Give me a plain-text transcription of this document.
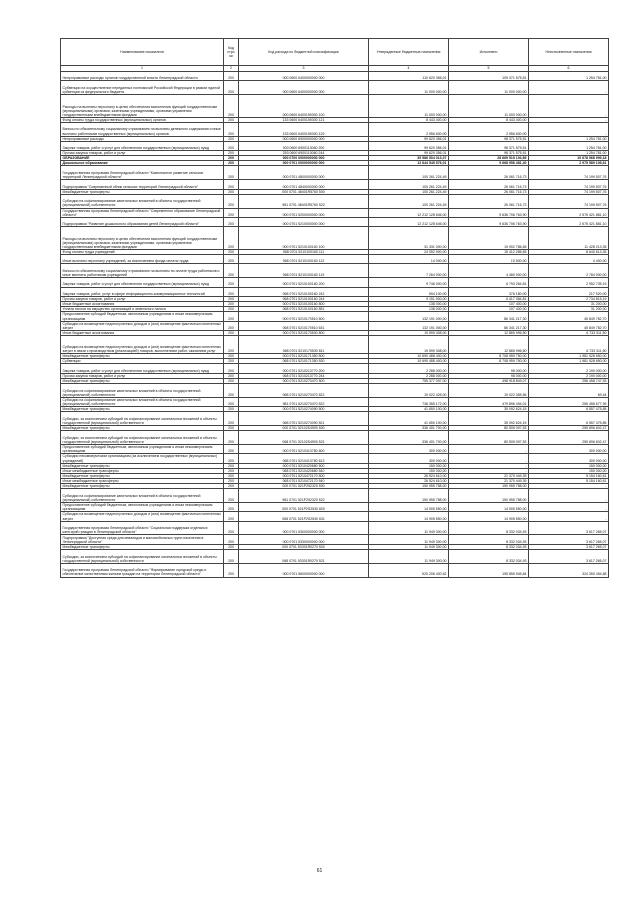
Наименование показателя	Код стро ки	Код расхода по бюджетной классификации	Утвержденные бюджетные назначения	Исполнено	Неисполненные назначения
1	2	3	4	5	6
Непрограммные расходы органов государственной власти Ленинградской области	200	000 0600 6400000000 000	110 620 356,01	109 371 575,51	1 254 781,00
Субвенции на осуществление переданных полномочий Российской Федерации в рамках единой субвенции из федерального бюджета	200	000 0600 6400000000 000	11 000 000,00	11 000 000,00	-
Расходы на выплаты персоналу в целях обеспечения выполнения функций государственными (муниципальными) органами, казенными учреждениями, органами управления государственными внебюджетными фондами	200	000 0600 6400159300 100	11 000 000,00	11 000 000,00	-
Фонд оплаты труда государственных (муниципальных) органов	200	133 0600 6400159300 121	8 443 400,00	8 443 400,00	-
Взносы по обязательному социальному страхованию на выплаты денежного содержания и иные выплаты работникам государственных (муниципальных) органов	200	133 0600 6400159300 129	2 556 600,00	2 556 600,00	-
Непрограммные расходы	200	000 0600 6900000000 000	99 620 356,01	98 371 575,51	1 254 781,00
Закупка товаров, работ и услуг для обеспечения государственных (муниципальных) нужд	200	000 0600 6900110060 200	99 620 356,01	98 371 575,51	1 254 781,00
Прочая закупка товаров, работ и услуг	200	253 0600 6900110060 244	99 620 356,01	98 371 575,51	1 254 781,00
ОБРАЗОВАНИЕ	200	000 0700 0000000000 000	39 586 504 013,07	28 669 515 193,89	10 678 968 999,18
Дошкольное образование	200	000 0701 0000000000 000	12 644 545 576,01	9 668 956 481,40	2 975 589 108,61
Государственная программа Ленинградской области "Комплексное развитие сельских территорий Ленинградской области"	200	000 0701 4800000000 000	100 261 224,49	26 061 716,73	74 199 507,76
Подпрограмма "Современный облик сельских территорий Ленинградской области"	200	000 0701 4840000000 000	100 261 224,49	26 061 716,73	74 199 507,76
Межбюджетные трансферты	200	000 0701 48401R5760 500	100 261 224,49	26 061 716,73	74 199 507,76
Субсидии на софинансирование капитальных вложений в объекты государственной (муниципальной) собственности	200	981 0701 48401R5760 522	100 261 224,49	26 061 716,73	74 199 507,76
Государственная программа Ленинградской области "Современное образование Ленинградской области"	200	000 0701 5200000000 000	12 212 128 646,00	9 636 706 763,90	2 575 421 881,10
Подпрограмма "Развитие дошкольного образования детей Ленинградской области"	200	000 0701 5210000000 000	12 212 128 646,00	9 636 706 763,90	2 575 421 881,10
Расходы на выплаты персоналу в целях обеспечения выполнения функций государственными (муниципальными) органами, казенными учреждениями, органами управления государственными внебюджетными фондами	200	000 0701 5210100160 100	31 331 000,00	19 902 786,65	11 428 213,35
Фонд оплаты труда учреждений	200	068 0701 5210100160 111	24 052 900,00	15 412 286,65	8 640 613,35
Иные выплаты персоналу учреждений, за исключением фонда оплаты труда	200	068 0701 5210100160 112	14 000,00	10 500,00	4 400,00
Взносы по обязательному социальному страхованию на выплаты по оплате труда работников и иные выплаты работникам учреждений	200	068 0701 5210100160 119	7 264 000,00	4 480 000,00	2 784 000,00
Закупка товаров, работ и услуг для обеспечения государственных (муниципальных) нужд	200	000 0701 5210100160 200	9 746 000,00	6 793 264,81	2 952 735,19
Закупка товаров, работ, услуг в сфере информационно-коммуникационных технологий	200	068 0701 5210100160 242	594 100,00	376 180,00	217 920,00
Прочая закупка товаров, работ и услуг	200	068 0701 5210100160 244	9 151 900,00	6 417 084,81	2 734 815,19
Иные бюджетные ассигнования	200	000 0701 5210100160 800	138 000,00	107 400,00	31 200,00
Уплата налога на имущество организаций и земельного налога	200	068 0701 5210100160 851	138 000,00	107 400,00	31 200,00
Предоставление субсидий бюджетным, автономным учреждениям и иным некоммерческим организациям	200	000 0701 5210170510 600	132 191 000,00	86 341 217,30	45 849 782,70
Субсидии на возмещение недополученных доходов и (или) возмещение фактически понесенных затрат	200	068 0701 5210170510 631	132 191 000,00	86 341 217,30	45 849 782,70
Иные бюджетные ассигнования	200	000 0701 5210170530 800	19 599 308,00	12 865 996,50	6 733 311,50
Субсидии на возмещение недополученных доходов и (или) возмещение фактически понесенных затрат в связи с производством (реализацией) товаров, выполнением работ, оказанием услуг	200	068 0701 5210170530 811	19 599 308,00	12 865 996,50	6 733 311,50
Межбюджетные трансферты	200	000 0701 5210171350 500	10 690 488 400,00	8 708 959 750,00	1 981 528 650,00
Субвенции	200	068 0701 5210171350 530	10 690 488 400,00	8 708 959 750,00	1 981 528 650,00
Закупка товаров, работ и услуг для обеспечения государственных (муниципальных) нужд	200	000 0701 5210213770 200	2 288 000,00	98 000,00	2 190 000,00
Прочая закупка товаров, работ и услуг	200	068 0701 5210213770 244	2 288 000,00	98 000,00	2 190 000,00
Межбюджетные трансферты	200	000 0701 5210270470 500	755 377 097,00	498 918 849,07	256 458 747,93
Субсидии на софинансирование капитальных вложений в объекты государственной (муниципальной) собственности	200	068 0701 5210270470 522	19 022 425,00	19 022 355,56	69,44
Субсидии на софинансирование капитальных вложений в объекты государственной (муниципальной) собственности	200	981 0701 5210270470 522	736 355 172,00	479 896 494,01	256 458 677,99
Межбюджетные трансферты	200	000 0701 5210274090 500	41 650 100,00	35 092 624,15	6 557 475,85
Субсидии, за исключением субсидий на софинансирование капитальных вложений в объекты государственной (муниципальной) собственности	200	068 0701 5210274090 521	41 650 100,00	35 092 624,15	6 557 475,85
Межбюджетные трансферты	200	000 0701 52102S4590 500	336 401 700,00	80 505 097,53	255 896 602,47
Субсидии, за исключением субсидий на софинансирование капитальных вложений в объекты государственной (муниципальной) собственности	200	068 0701 52102S4590 521	336 401 700,00	80 505 097,53	255 896 602,47
Предоставление субсидий бюджетным, автономным учреждениям и иным некоммерческим организациям	200	000 0701 5210413780 600	300 000,00	-	300 000,00
Субсидии некоммерческим организациям (за исключением государственных (муниципальных) учреждений)	200	068 0701 5210413780 613	300 000,00	-	300 000,00
Межбюджетные трансферты	200	000 0701 5210420680 500	150 000,00	-	150 000,00
Иные межбюджетные трансферты	200	068 0701 5210420680 540	150 000,00	-	150 000,00
Межбюджетные трансферты	200	000 0701 5210472170 500	26 524 610,00	21 370 449,39	5 154 160,61
Иные межбюджетные трансферты	200	068 0701 5210472170 540	26 524 610,00	21 370 449,39	5 154 160,61
Межбюджетные трансферты	200	000 0701 521P252320 500	150 955 788,00	150 955 788,00	-
Субсидии на софинансирование капитальных вложений в объекты государственной (муниципальной) собственности	200	981 0701 521P252320 522	150 955 788,00	150 955 788,00	-
Предоставление субсидий бюджетным, автономным учреждениям и иным некоммерческим организациям	200	000 0701 521P2S2530 600	14 905 550,00	14 905 550,00	-
Субсидии на возмещение недополученных доходов и (или) возмещение фактически понесенных затрат	200	068 0701 521P2S2530 631	14 905 550,00	14 905 550,00	-
Государственная программа Ленинградской области "Социальная поддержка отдельных категорий граждан в Ленинградской области"	200	000 0701 5300000000 000	11 949 300,00	8 332 034,93	3 617 265,07
Подпрограмма "Доступная среда для инвалидов и маломобильных групп населения в Ленинградской области"	200	000 0701 5330000000 000	11 949 300,00	8 332 034,93	3 617 265,07
Межбюджетные трансферты	200	000 0701 53301R0270 500	11 949 300,00	8 332 034,93	3 617 265,07
Субсидии, за исключением субсидий на софинансирование капитальных вложений в объекты государственной (муниципальной) собственности	200	068 0701 53301R0270 521	11 949 300,00	8 332 034,93	3 617 265,07
Государственная программа Ленинградской области "Формирование городской среды и обеспечение качественным жильем граждан на территории Ленинградской области"	200	000 0701 5600000000 000	520 206 400,52	195 855 945,84	324 350 454,68
61
